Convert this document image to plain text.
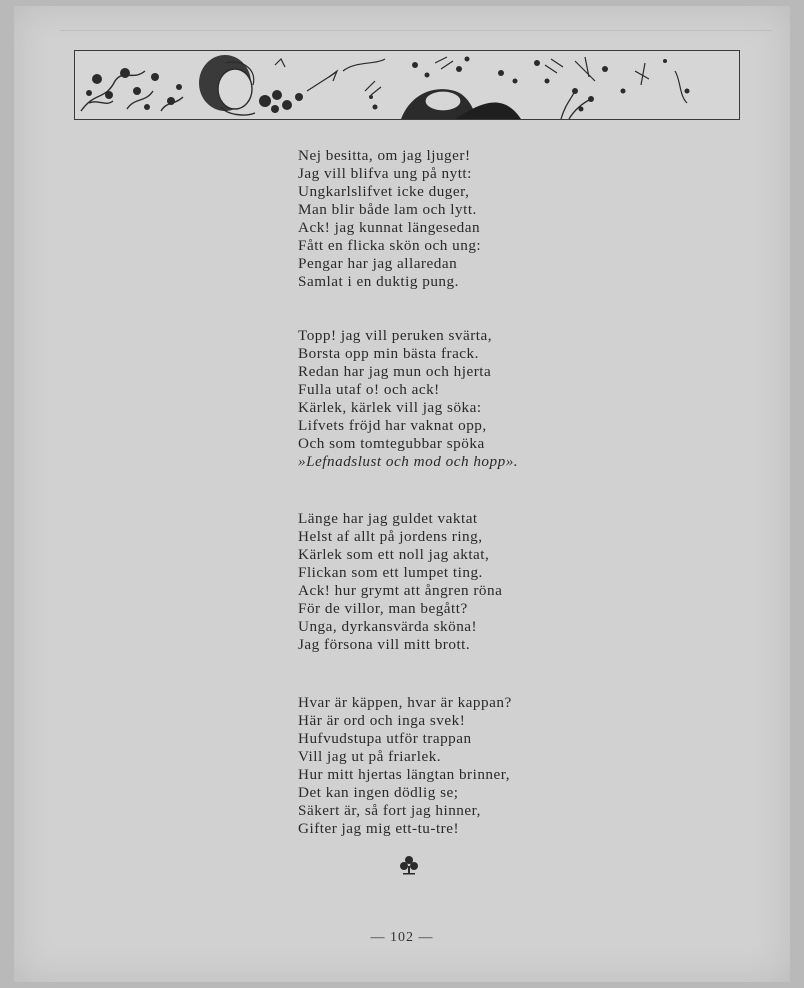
Nej besitta, om jag ljuger!
Jag vill blifva ung på nytt:
Ungkarlslifvet icke duger,
Man blir både lam och lytt.
Ack! jag kunnat längesedan
Fått en flicka skön och ung:
Pengar har jag allaredan
Samlat i en duktig pung.
Topp! jag vill peruken svärta,
Borsta opp min bästa frack.
Redan har jag mun och hjerta
Fulla utaf o! och ack!
Kärlek, kärlek vill jag söka:
Lifvets fröjd har vaknat opp,
Och som tomtegubbar spöka
»Lefnadslust och mod och hopp».
Länge har jag guldet vaktat
Helst af allt på jordens ring,
Kärlek som ett noll jag aktat,
Flickan som ett lumpet ting.
Ack! hur grymt att ångren röna
För de villor, man begått?
Unga, dyrkansvärda sköna!
Jag försona vill mitt brott.
Hvar är käppen, hvar är kappan?
Här är ord och inga svek!
Hufvudstupa utför trappan
Vill jag ut på friarlek.
Hur mitt hjertas längtan brinner,
Det kan ingen dödlig se;
Säkert är, så fort jag hinner,
Gifter jag mig ett-tu-tre!
— 102 —
